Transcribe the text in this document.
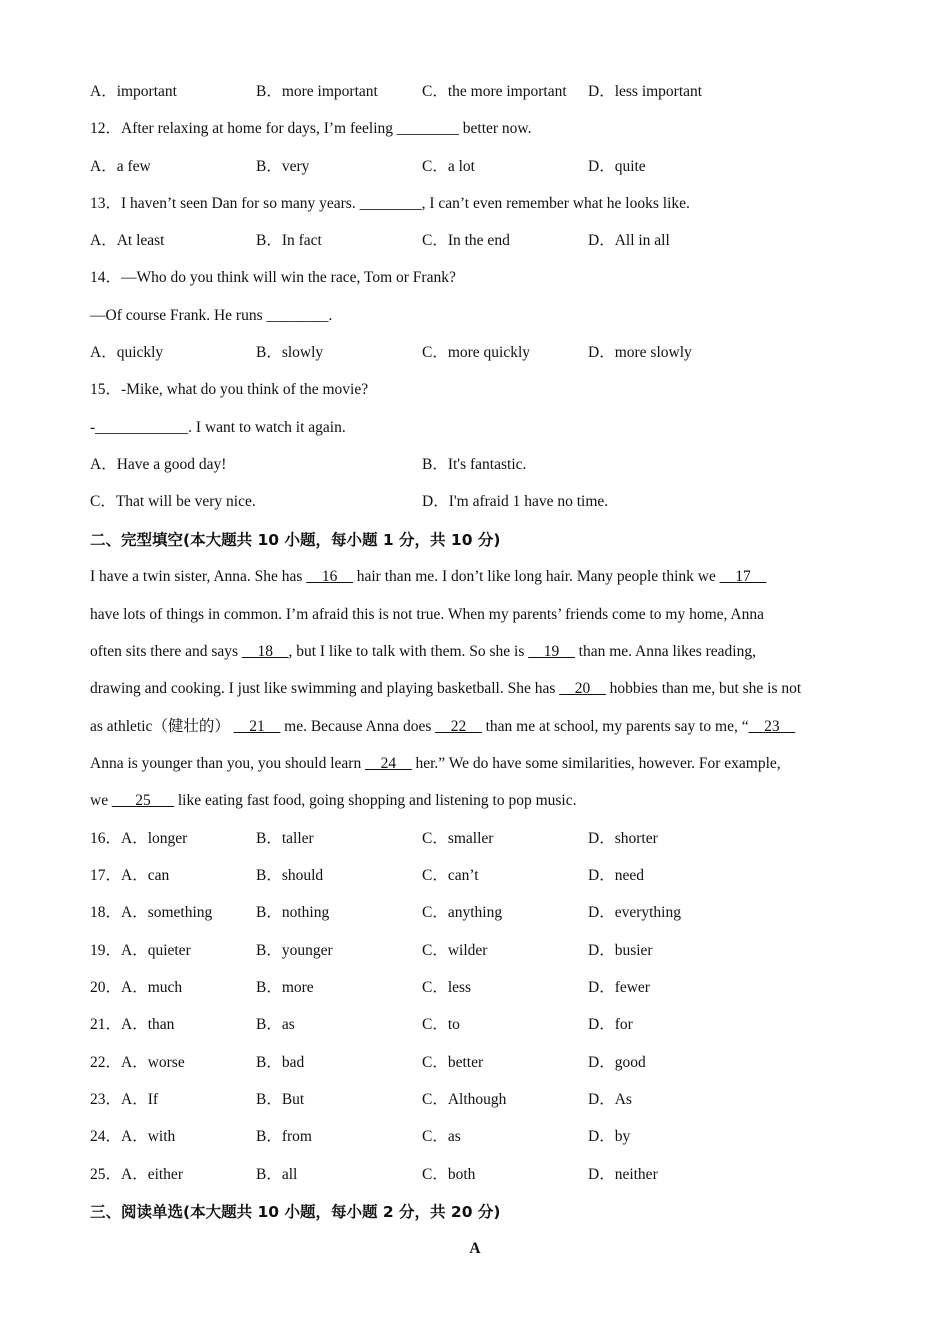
A．important	B．more important	C．the more important D．less important
12．After relaxing at home for days, I’m feeling ________ better now.
A．a few	B．very	C．a lot	D．quite
13．I haven’t seen Dan for so many years. ________, I can’t even remember what he looks like.
A．At least	B．In fact	C．In the end	D．All in all
14．—Who do you think will win the race, Tom or Frank?
—Of course Frank. He runs ________.
A．quickly	B．slowly	C．more quickly	D．more slowly
15．-Mike, what do you think of the movie?
-____________. I want to watch it again.
A．Have a good day!	B．It's fantastic.
C．That will be very nice.	D．I'm afraid 1 have no time.
二、完型填空(本大题共 10 小题，每小题 1 分，共 10 分)
I have a twin sister, Anna. She has __16__ hair than me. I don’t like long hair. Many people think we __17__
have lots of things in common. I’m afraid this is not true. When my parents’ friends come to my home, Anna
often sits there and says __18__, but I like to talk with them. So she is __19__ than me. Anna likes reading,
drawing and cooking. I just like swimming and playing basketball. She has __20__ hobbies than me, but she is not
as athletic（健壮的） __21__ me. Because Anna does __22__ than me at school, my parents say to me, “__23__
Anna is younger than you, you should learn __24__ her.” We do have some similarities, however. For example,
we ___25___ like eating fast food, going shopping and listening to pop music.
16．A．longer	B．taller	C．smaller	D．shorter
17．A．can	B．should	C．can’t	D．need
18．A．something	B．nothing	C．anything	D．everything
19．A．quieter	B．younger	C．wilder	D．busier
20．A．much	B．more	C．less	D．fewer
21．A．than	B．as	C．to	D．for
22．A．worse	B．bad	C．better	D．good
23．A．If	B．But	C．Although	D．As
24．A．with	B．from	C．as	D．by
25．A．either	B．all	C．both	D．neither
三、阅读单选(本大题共 10 小题，每小题 2 分，共 20 分)
A
